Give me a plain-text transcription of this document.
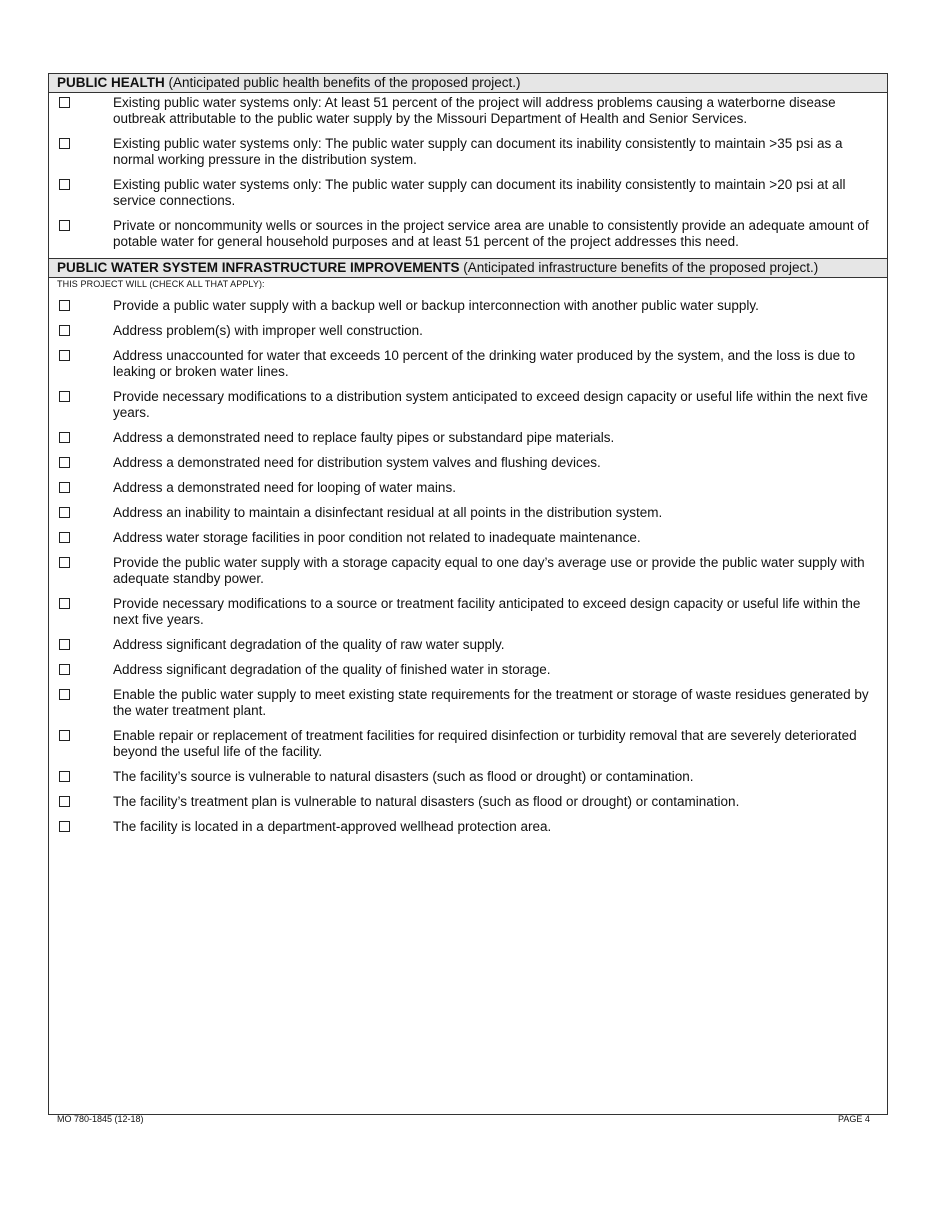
PUBLIC HEALTH (Anticipated public health benefits of the proposed project.)
Existing public water systems only: At least 51 percent of the project will address problems causing a waterborne disease outbreak attributable to the public water supply by the Missouri Department of Health and Senior Services.
Existing public water systems only: The public water supply can document its inability consistently to maintain >35 psi as a normal working pressure in the distribution system.
Existing public water systems only: The public water supply can document its inability consistently to maintain >20 psi at all service connections.
Private or noncommunity wells or sources in the project service area are unable to consistently provide an adequate amount of potable water for general household purposes and at least 51 percent of the project addresses this need.
PUBLIC WATER SYSTEM INFRASTRUCTURE IMPROVEMENTS (Anticipated infrastructure benefits of the proposed project.)
THIS PROJECT WILL (CHECK ALL THAT APPLY):
Provide a public water supply with a backup well or backup interconnection with another public water supply.
Address problem(s) with improper well construction.
Address unaccounted for water that exceeds 10 percent of the drinking water produced by the system, and the loss is due to leaking or broken water lines.
Provide necessary modifications to a distribution system anticipated to exceed design capacity or useful life within the next five years.
Address a demonstrated need to replace faulty pipes or substandard pipe materials.
Address a demonstrated need for distribution system valves and flushing devices.
Address a demonstrated need for looping of water mains.
Address an inability to maintain a disinfectant residual at all points in the distribution system.
Address water storage facilities in poor condition not related to inadequate maintenance.
Provide the public water supply with a storage capacity equal to one day’s average use or provide the public water supply with adequate standby power.
Provide necessary modifications to a source or treatment facility anticipated to exceed design capacity or useful life within the next five years.
Address significant degradation of the quality of raw water supply.
Address significant degradation of the quality of finished water in storage.
Enable the public water supply to meet existing state requirements for the treatment or storage of waste residues generated by the water treatment plant.
Enable repair or replacement of treatment facilities for required disinfection or turbidity removal that are severely deteriorated beyond the useful life of the facility.
The facility’s source is vulnerable to natural disasters (such as flood or drought) or contamination.
The facility’s treatment plan is vulnerable to natural disasters (such as flood or drought) or contamination.
The facility is located in a department-approved wellhead protection area.
MO 780-1845 (12-18)	PAGE 4
